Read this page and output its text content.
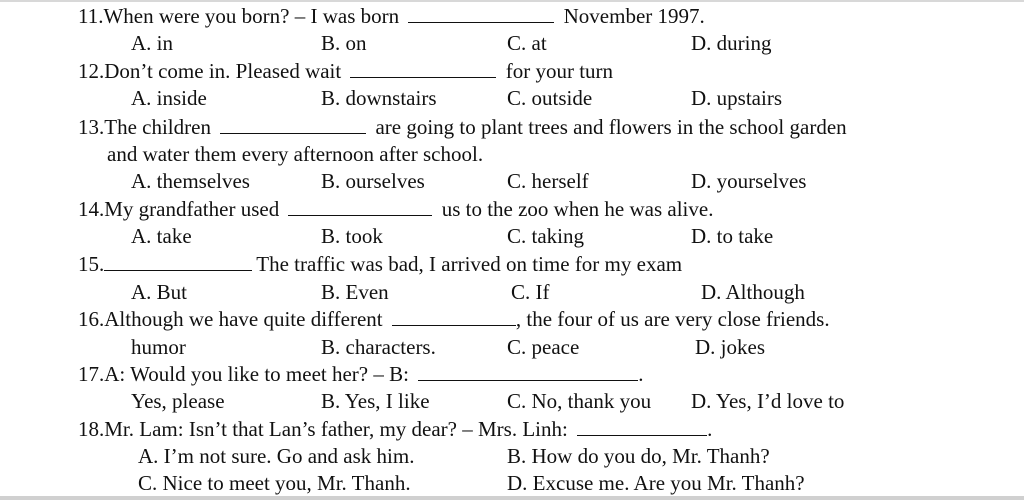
11.When were you born? – I was born	November 1997.
A. in	B. on	C. at	D. during
12.Don’t come in. Pleased wait	for your turn
A. inside	B. downstairs	C. outside	D. upstairs
13.The children	are going to plant trees and flowers in the school garden
and water them every afternoon after school.
A. themselves	B. ourselves	C. herself	D. yourselves
14.My grandfather used	us to the zoo when he was alive.
A. take	B. took	C. taking	D. to take
15.	The traffic was bad, I arrived on time for my exam
A. But	B. Even	C. If	D. Although
16.Although we have quite different	, the four of us are very close friends.
humor	B. characters.	C. peace	D. jokes
17.A: Would you like to meet her? – B:	.
Yes, please	B. Yes, I like	C. No, thank you D. Yes, I’d love to
18.Mr. Lam: Isn’t that Lan’s father, my dear? – Mrs. Linh:	.
A. I’m not sure. Go and ask him.	B. How do you do, Mr. Thanh?
C. Nice to meet you, Mr. Thanh.	D. Excuse me. Are you Mr. Thanh?
